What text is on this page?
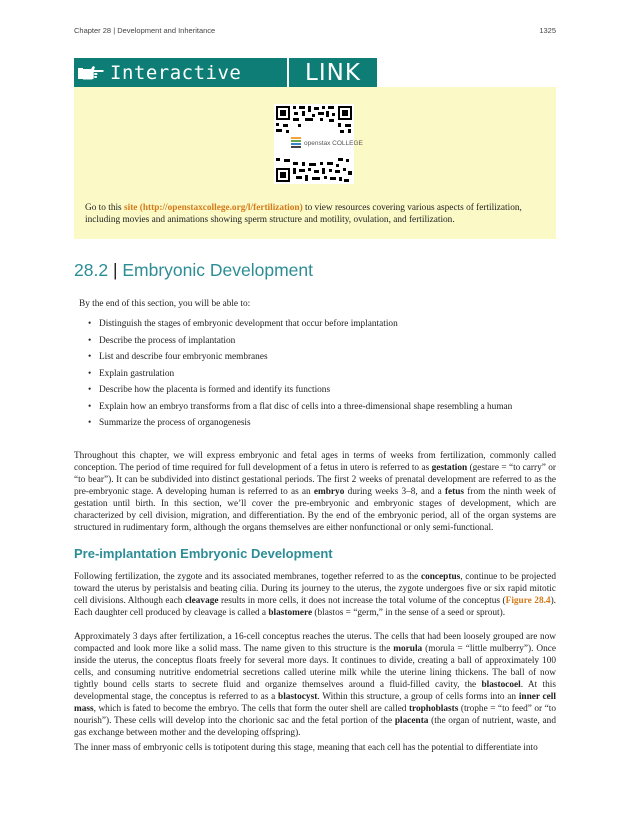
Chapter 28 | Development and Inheritance	1325
Interactive	LINK
openstax COLLEGE
Go to this site (http://openstaxcollege.org/l/fertilization) to view resources covering various aspects of fertilization, including movies and animations showing sperm structure and motility, ovulation, and fertilization.
28.2 | Embryonic Development
By the end of this section, you will be able to:
• Distinguish the stages of embryonic development that occur before implantation
• Describe the process of implantation
• List and describe four embryonic membranes
• Explain gastrulation
• Describe how the placenta is formed and identify its functions
• Explain how an embryo transforms from a flat disc of cells into a three-dimensional shape resembling a human
• Summarize the process of organogenesis

Throughout this chapter, we will express embryonic and fetal ages in terms of weeks from fertilization, commonly called conception. The period of time required for full development of a fetus in utero is referred to as gestation (gestare = “to carry” or “to bear”). It can be subdivided into distinct gestational periods. The first 2 weeks of prenatal development are referred to as the pre-embryonic stage. A developing human is referred to as an embryo during weeks 3–8, and a fetus from the ninth week of gestation until birth. In this section, we’ll cover the pre-embryonic and embryonic stages of development, which are characterized by cell division, migration, and differentiation. By the end of the embryonic period, all of the organ systems are structured in rudimentary form, although the organs themselves are either nonfunctional or only semi-functional.

Pre-implantation Embryonic Development

Following fertilization, the zygote and its associated membranes, together referred to as the conceptus, continue to be projected toward the uterus by peristalsis and beating cilia. During its journey to the uterus, the zygote undergoes five or six rapid mitotic cell divisions. Although each cleavage results in more cells, it does not increase the total volume of the conceptus (Figure 28.4). Each daughter cell produced by cleavage is called a blastomere (blastos = “germ,” in the sense of a seed or sprout).

Approximately 3 days after fertilization, a 16-cell conceptus reaches the uterus. The cells that had been loosely grouped are now compacted and look more like a solid mass. The name given to this structure is the morula (morula = “little mulberry”). Once inside the uterus, the conceptus floats freely for several more days. It continues to divide, creating a ball of approximately 100 cells, and consuming nutritive endometrial secretions called uterine milk while the uterine lining thickens. The ball of now tightly bound cells starts to secrete fluid and organize themselves around a fluid-filled cavity, the blastocoel. At this developmental stage, the conceptus is referred to as a blastocyst. Within this structure, a group of cells forms into an inner cell mass, which is fated to become the embryo. The cells that form the outer shell are called trophoblasts (trophe = “to feed” or “to nourish”). These cells will develop into the chorionic sac and the fetal portion of the placenta (the organ of nutrient, waste, and gas exchange between mother and the developing offspring).

The inner mass of embryonic cells is totipotent during this stage, meaning that each cell has the potential to differentiate into
